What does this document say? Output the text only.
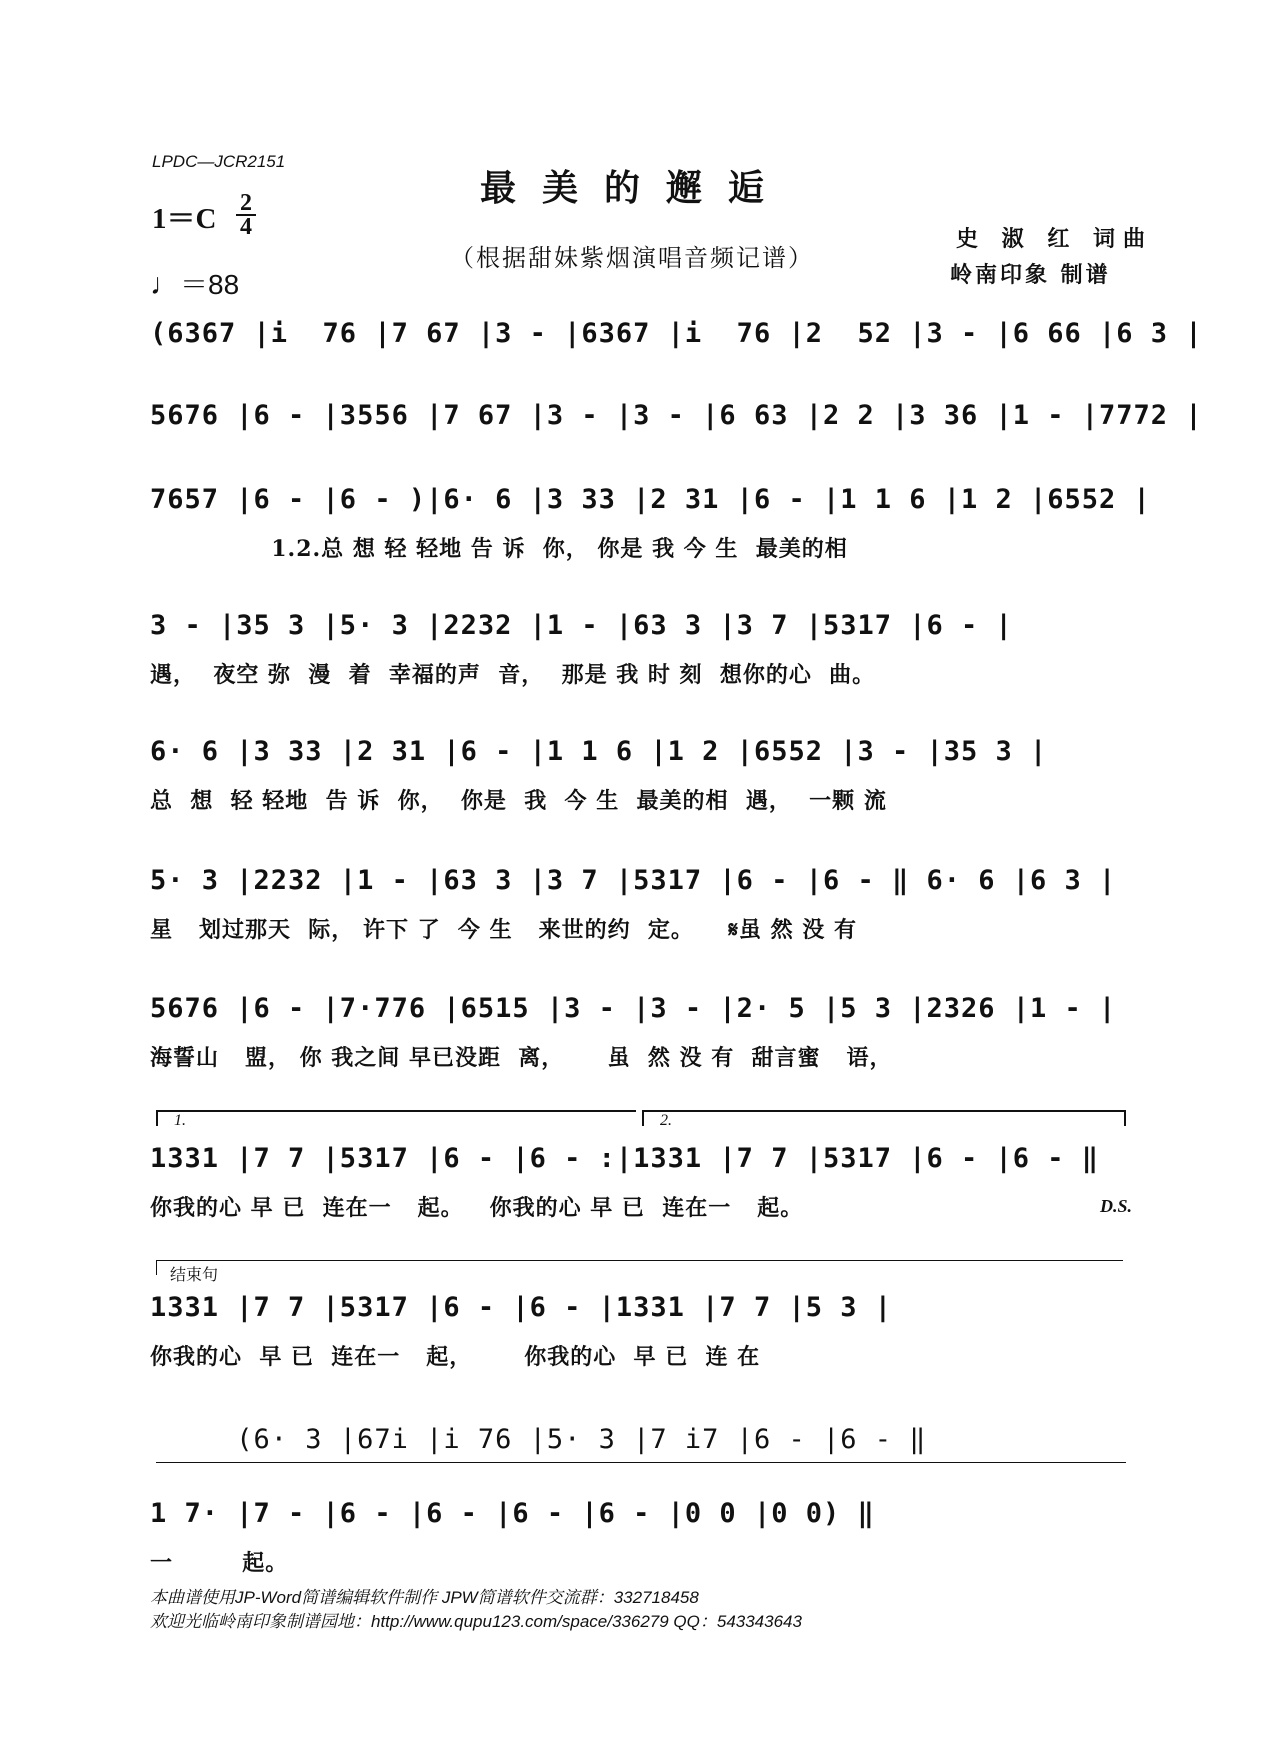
LPDC—JCR2151
最美的邂逅
（根据甜妹紫烟演唱音频记谱）
史 淑 红 词曲
岭南印象 制谱
1＝C 2
4
♩＝88
(6367 |i  76 |7 67 |3 - |6367 |i  76 |2  52 |3 - |6 66 |6 3 |
5676 |6 - |3556 |7 67 |3 - |3 - |6 63 |2 2 |3 36 |1 - |7772 |
7657 |6 - |6 - )|6· 6 |3 33 |2 31 |6 - |1 1 6 |1 2 |6552 |
1.2.总 想 轻 轻地 告 诉  你， 你是 我 今 生  最美的相
3 - |35 3 |5· 3 |2232 |1 - |63 3 |3 7 |5317 |6 - |
遇，  夜空 弥  漫  着  幸福的声  音，  那是 我 时 刻  想你的心  曲。
6· 6 |3 33 |2 31 |6 - |1 1 6 |1 2 |6552 |3 - |35 3 |
总  想  轻 轻地  告 诉  你，  你是  我  今 生  最美的相  遇，  一颗 流
5· 3 |2232 |1 - |63 3 |3 7 |5317 |6 - |6 - ‖ 6· 6 |6 3 |
星   划过那天  际， 许下 了  今 生   来世的约  定。    𝄋虽 然 没 有
5676 |6 - |7·776 |6515 |3 - |3 - |2· 5 |5 3 |2326 |1 - |
海誓山   盟， 你 我之间 早已没距  离，     虽  然 没 有  甜言蜜   语，
1.	2.
1331 |7 7 |5317 |6 - |6 - :|1331 |7 7 |5317 |6 - |6 - ‖
你我的心 早 已  连在一   起。   你我的心 早 已  连在一   起。	D.S.
结束句
1331 |7 7 |5317 |6 - |6 - |1331 |7 7 |5 3 |
你我的心  早 已  连在一   起，      你我的心  早 已  连 在
(6· 3 |67i |i 76 |5· 3 |7 i7 |6 - |6 - ‖
1 7· |7 - |6 - |6 - |6 - |6 - |0 0 |0 0) ‖
一        起。
本曲谱使用JP-Word简谱编辑软件制作 JPW简谱软件交流群：332718458
欢迎光临岭南印象制谱园地：http://www.qupu123.com/space/336279 QQ：543343643
